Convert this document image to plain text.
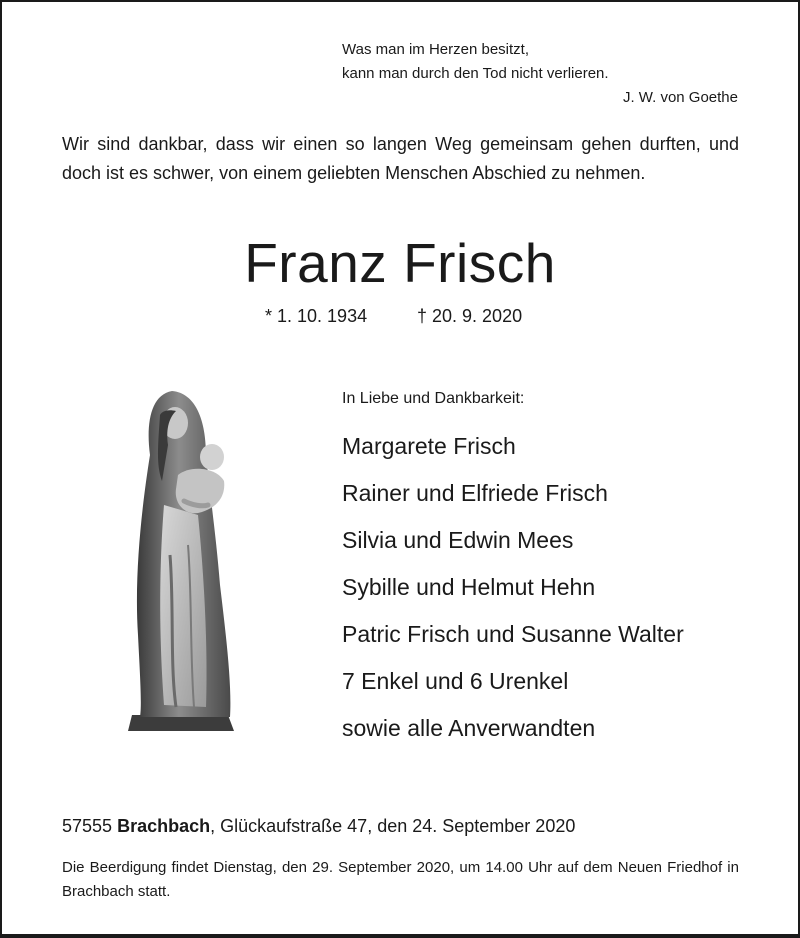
Was man im Herzen besitzt,
kann man durch den Tod nicht verlieren.
J. W. von Goethe
Wir sind dankbar, dass wir einen so langen Weg gemeinsam gehen durften, und doch ist es schwer, von einem geliebten Menschen Abschied zu nehmen.
Franz Frisch
* 1. 10. 1934	† 20. 9. 2020
In Liebe und Dankbarkeit:
Margarete Frisch
Rainer und Elfriede Frisch
Silvia und Edwin Mees
Sybille und Helmut Hehn
Patric Frisch und Susanne Walter
7 Enkel und 6 Urenkel
sowie alle Anverwandten
57555 Brachbach, Glückaufstraße 47, den 24. September 2020
Die Beerdigung findet Dienstag, den 29. September 2020, um 14.00 Uhr auf dem Neuen Friedhof in Brachbach statt.
